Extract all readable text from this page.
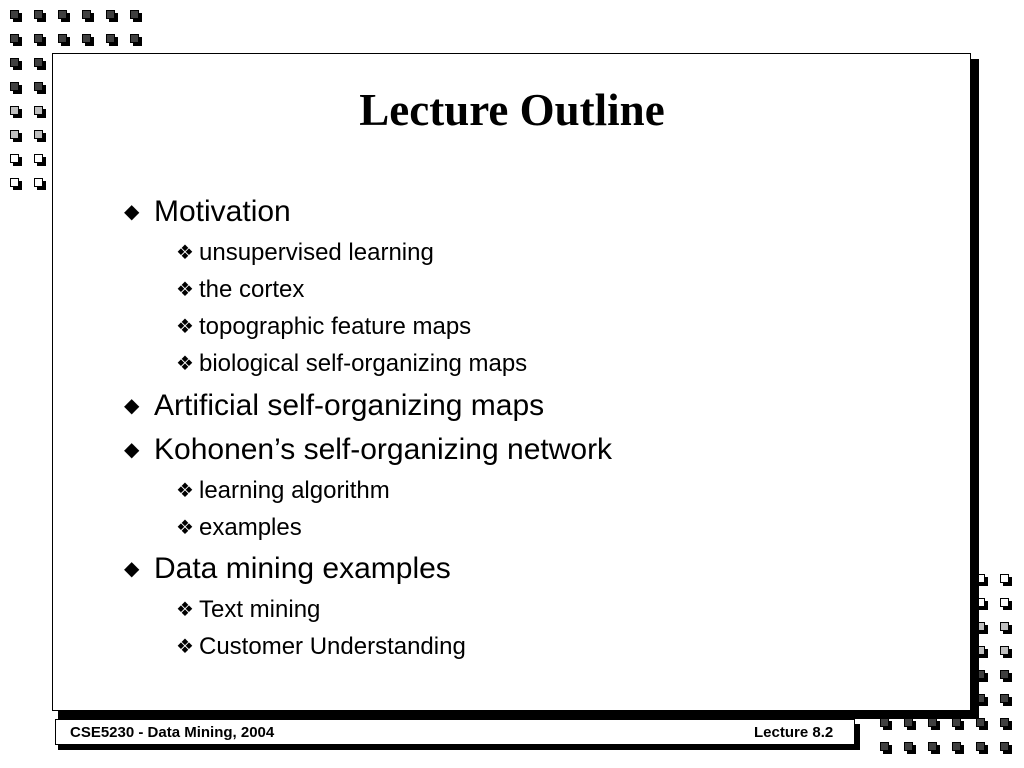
Lecture Outline
◆ Motivation
❖ unsupervised learning
❖ the cortex
❖ topographic feature maps
❖ biological self-organizing maps
◆ Artificial self-organizing maps
◆ Kohonen’s self-organizing network
❖ learning algorithm
❖ examples
◆ Data mining examples
❖ Text mining
❖ Customer Understanding
CSE5230 - Data Mining, 2004	Lecture 8.2
